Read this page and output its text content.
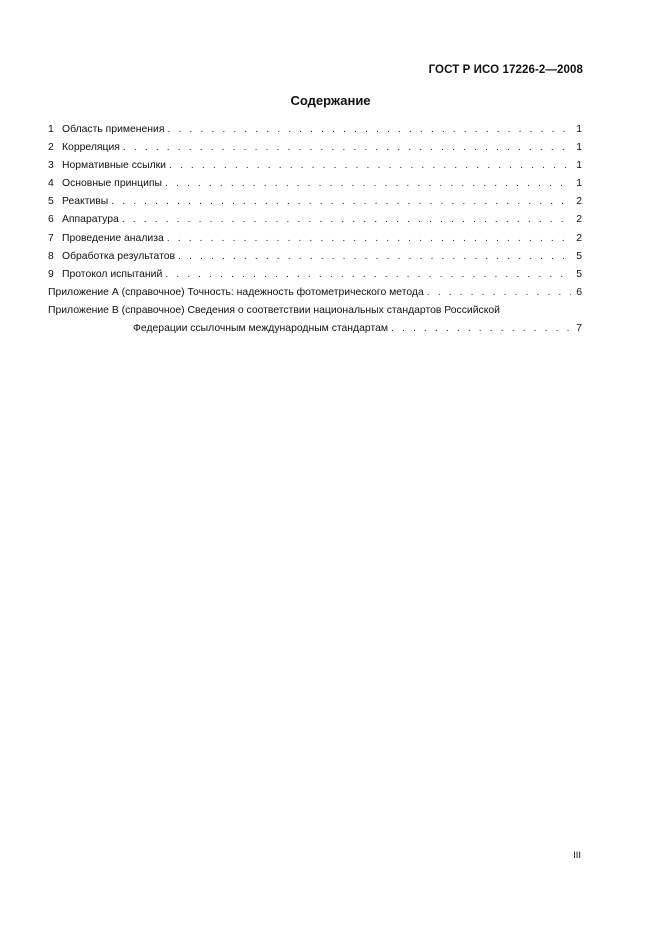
ГОСТ Р ИСО 17226-2—2008
Содержание
1 Область применения . . .	1
2 Корреляция . . .	1
3 Нормативные ссылки . . .	1
4 Основные принципы . . .	1
5 Реактивы . . .	2
6 Аппаратура . . .	2
7 Проведение анализа . . .	2
8 Обработка результатов . . .	5
9 Протокол испытаний . . .	5
Приложение А (справочное) Точность: надежность фотометрического метода . . .	6
Приложение В (справочное) Сведения о соответствии национальных стандартов Российской
Федерации ссылочным международным стандартам . . .	7
III
